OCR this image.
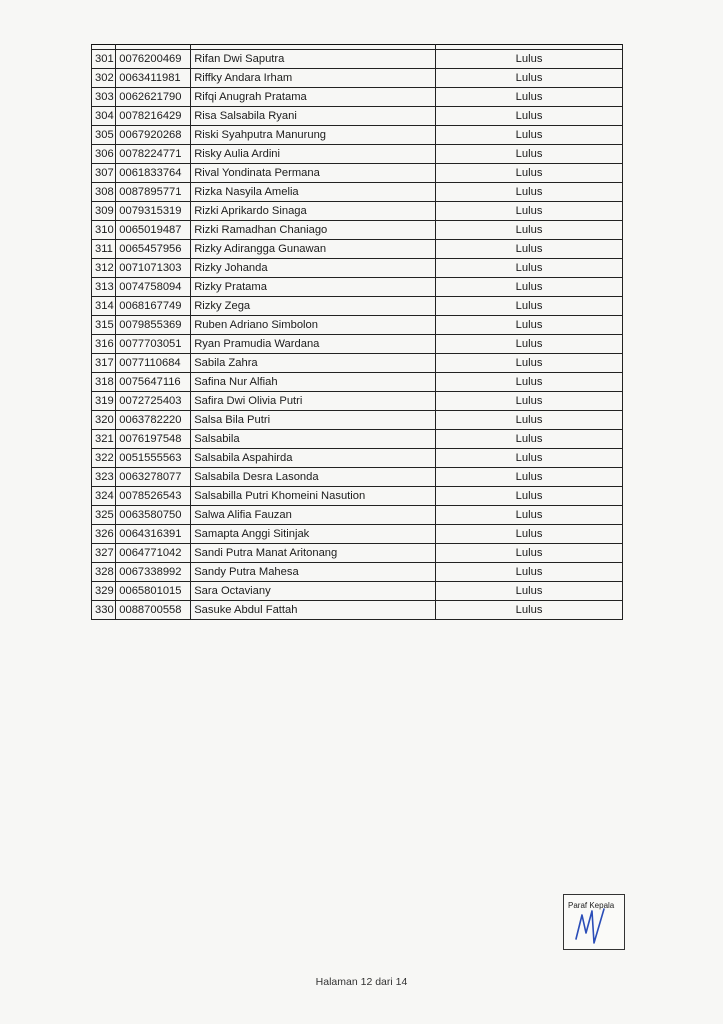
301	0076200469	Rifan Dwi Saputra	Lulus
302	0063411981	Riffky Andara Irham	Lulus
303	0062621790	Rifqi Anugrah Pratama	Lulus
304	0078216429	Risa Salsabila Ryani	Lulus
305	0067920268	Riski Syahputra Manurung	Lulus
306	0078224771	Risky Aulia Ardini	Lulus
307	0061833764	Rival Yondinata Permana	Lulus
308	0087895771	Rizka Nasyila Amelia	Lulus
309	0079315319	Rizki Aprikardo Sinaga	Lulus
310	0065019487	Rizki Ramadhan Chaniago	Lulus
311	0065457956	Rizky Adirangga Gunawan	Lulus
312	0071071303	Rizky Johanda	Lulus
313	0074758094	Rizky Pratama	Lulus
314	0068167749	Rizky Zega	Lulus
315	0079855369	Ruben Adriano Simbolon	Lulus
316	0077703051	Ryan Pramudia Wardana	Lulus
317	0077110684	Sabila Zahra	Lulus
318	0075647116	Safina Nur Alfiah	Lulus
319	0072725403	Safira Dwi Olivia Putri	Lulus
320	0063782220	Salsa Bila Putri	Lulus
321	0076197548	Salsabila	Lulus
322	0051555563	Salsabila Aspahirda	Lulus
323	0063278077	Salsabila Desra Lasonda	Lulus
324	0078526543	Salsabilla Putri Khomeini Nasution	Lulus
325	0063580750	Salwa Alifia Fauzan	Lulus
326	0064316391	Samapta Anggi Sitinjak	Lulus
327	0064771042	Sandi Putra Manat Aritonang	Lulus
328	0067338992	Sandy Putra Mahesa	Lulus
329	0065801015	Sara Octaviany	Lulus
330	0088700558	Sasuke Abdul Fattah	Lulus
Paraf Kepala
Halaman 12 dari 14
